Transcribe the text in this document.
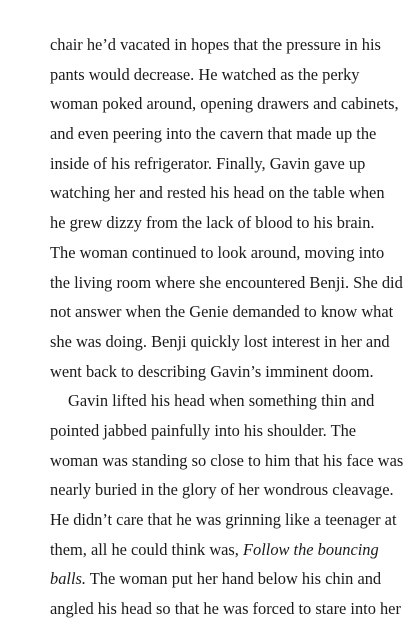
chair he’d vacated in hopes that the pressure in his
pants would decrease. He watched as the perky
woman poked around, opening drawers and cabinets,
and even peering into the cavern that made up the
inside of his refrigerator. Finally, Gavin gave up
watching her and rested his head on the table when
he grew dizzy from the lack of blood to his brain.
The woman continued to look around, moving into
the living room where she encountered Benji. She did
not answer when the Genie demanded to know what
she was doing. Benji quickly lost interest in her and
went back to describing Gavin’s imminent doom.
Gavin lifted his head when something thin and
pointed jabbed painfully into his shoulder. The
woman was standing so close to him that his face was
nearly buried in the glory of her wondrous cleavage.
He didn’t care that he was grinning like a teenager at
them, all he could think was, Follow the bouncing
balls. The woman put her hand below his chin and
angled his head so that he was forced to stare into her
